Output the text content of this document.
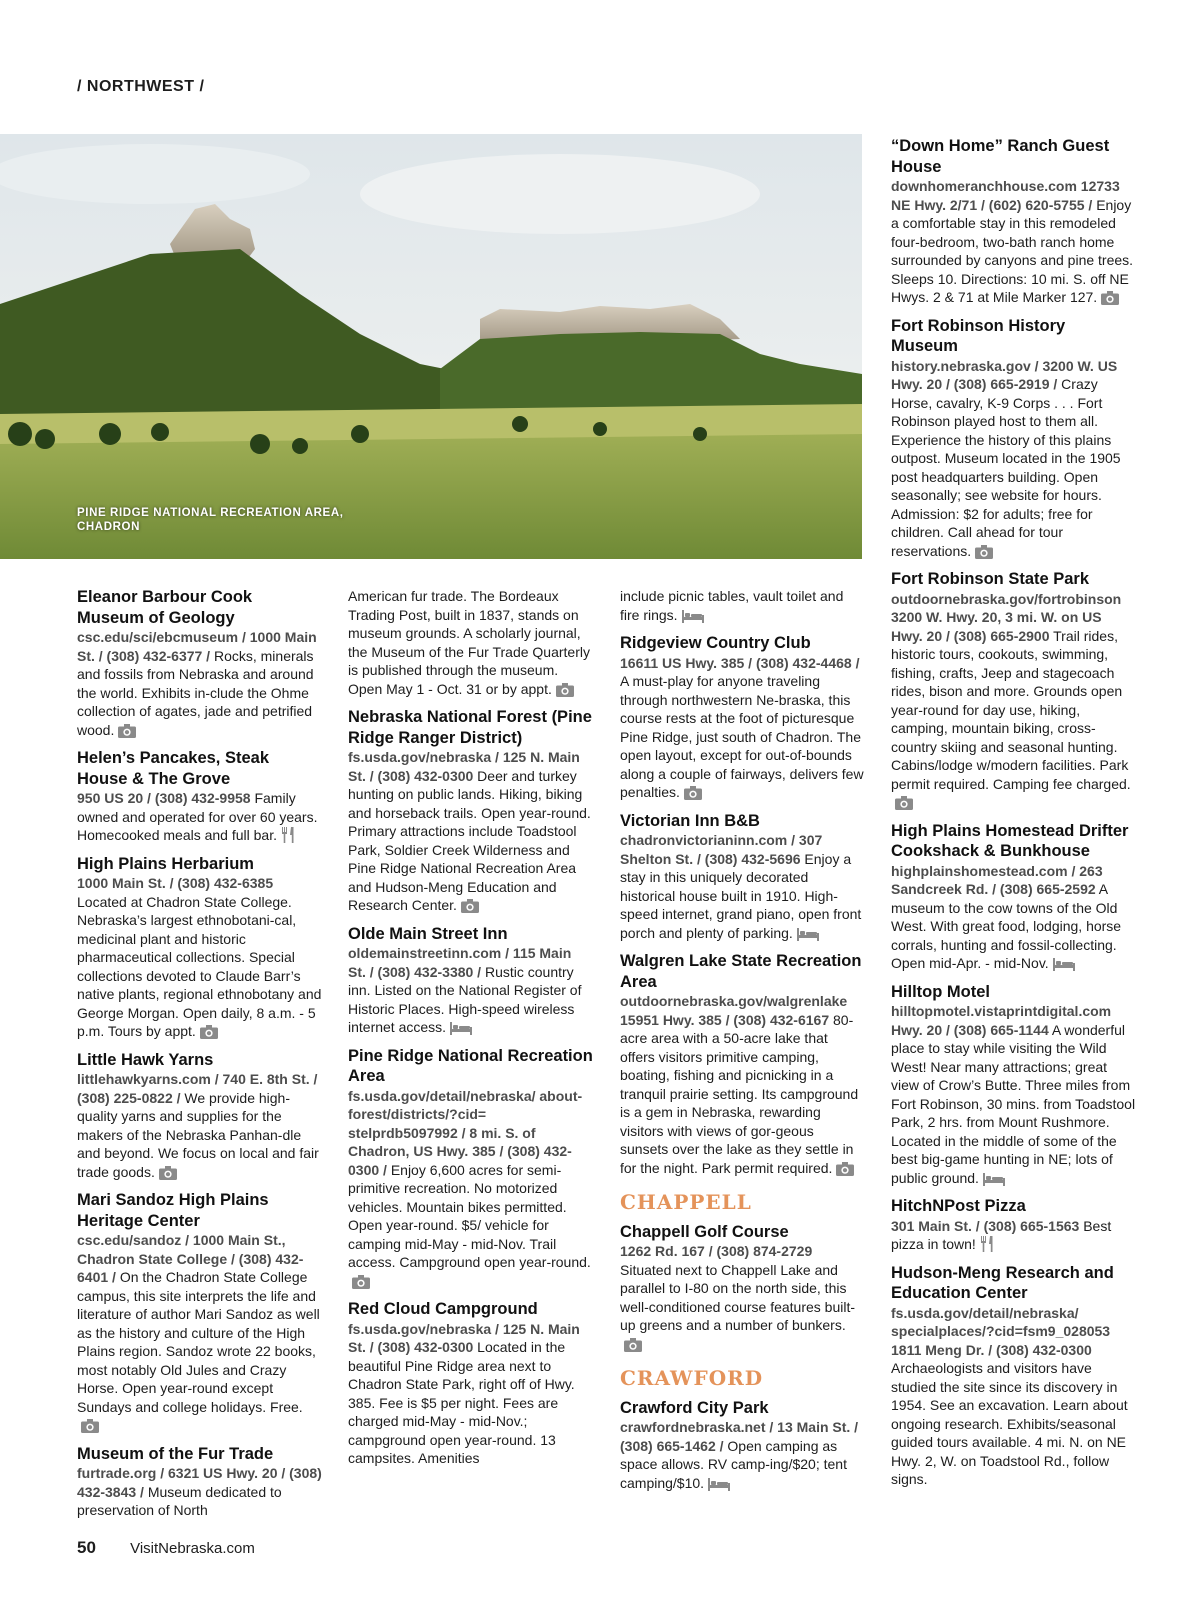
/ NORTHWEST /
PINE RIDGE NATIONAL RECREATION AREA,
CHADRON
Eleanor Barbour Cook Museum of Geology
csc.edu/sci/ebcmuseum / 1000 Main St. / (308) 432-6377 / Rocks, minerals and fossils from Nebraska and around the world. Exhibits in-clude the Ohme collection of agates, jade and petrified wood.
Helen’s Pancakes, Steak House & The Grove
950 US 20 / (308) 432-9958 Family owned and operated for over 60 years. Homecooked meals and full bar.
High Plains Herbarium
1000 Main St. / (308) 432-6385 Located at Chadron State College. Nebraska’s largest ethnobotani-cal, medicinal plant and historic pharmaceutical collections. Special collections devoted to Claude Barr’s native plants, regional ethnobotany and George Morgan. Open daily, 8 a.m. - 5 p.m. Tours by appt.
Little Hawk Yarns
littlehawkyarns.com / 740 E. 8th St. / (308) 225-0822 / We provide high-quality yarns and supplies for the makers of the Nebraska Panhan-dle and beyond. We focus on local and fair trade goods.
Mari Sandoz High Plains Heritage Center
csc.edu/sandoz / 1000 Main St., Chadron State College / (308) 432-6401 / On the Chadron State College campus, this site interprets the life and literature of author Mari Sandoz as well as the history and culture of the High Plains region. Sandoz wrote 22 books, most notably Old Jules and Crazy Horse. Open year-round except Sundays and college holidays. Free.
Museum of the Fur Trade
furtrade.org / 6321 US Hwy. 20 / (308) 432-3843 / Museum dedicated to preservation of North
American fur trade. The Bordeaux Trading Post, built in 1837, stands on museum grounds. A scholarly journal, the Museum of the Fur Trade Quarterly is published through the museum. Open May 1 - Oct. 31 or by appt.
Nebraska National Forest (Pine Ridge Ranger District)
fs.usda.gov/nebraska / 125 N. Main St. / (308) 432-0300 Deer and turkey hunting on public lands. Hiking, biking and horseback trails. Open year-round. Primary attractions include Toadstool Park, Soldier Creek Wilderness and Pine Ridge National Recreation Area and Hudson-Meng Education and Research Center.
Olde Main Street Inn
oldemainstreetinn.com / 115 Main St. / (308) 432-3380 / Rustic country inn. Listed on the National Register of Historic Places. High-speed wireless internet access.
Pine Ridge National Recreation Area
fs.usda.gov/detail/nebraska/ about-forest/districts/?cid= stelprdb5097992 / 8 mi. S. of Chadron, US Hwy. 385 / (308) 432-0300 / Enjoy 6,600 acres for semi-primitive recreation. No motorized vehicles. Mountain bikes permitted. Open year-round. $5/ vehicle for camping mid-May - mid-Nov. Trail access. Campground open year-round.
Red Cloud Campground
fs.usda.gov/nebraska / 125 N. Main St. / (308) 432-0300 Located in the beautiful Pine Ridge area next to Chadron State Park, right off of Hwy. 385. Fee is $5 per night. Fees are charged mid-May - mid-Nov.; campground open year-round. 13 campsites. Amenities
include picnic tables, vault toilet and fire rings.
Ridgeview Country Club
16611 US Hwy. 385 / (308) 432-4468 / A must-play for anyone traveling through northwestern Ne-braska, this course rests at the foot of picturesque Pine Ridge, just south of Chadron. The open layout, except for out-of-bounds along a couple of fairways, delivers few penalties.
Victorian Inn B&B
chadronvictorianinn.com / 307 Shelton St. / (308) 432-5696 Enjoy a stay in this uniquely decorated historical house built in 1910. High-speed internet, grand piano, open front porch and plenty of parking.
Walgren Lake State Recreation Area
outdoornebraska.gov/walgrenlake 15951 Hwy. 385 / (308) 432-6167 80-acre area with a 50-acre lake that offers visitors primitive camping, boating, fishing and picnicking in a tranquil prairie setting. Its campground is a gem in Nebraska, rewarding visitors with views of gor-geous sunsets over the lake as they settle in for the night. Park permit required.
CHAPPELL
Chappell Golf Course
1262 Rd. 167 / (308) 874-2729 Situated next to Chappell Lake and parallel to I-80 on the north side, this well-conditioned course features built-up greens and a number of bunkers.
CRAWFORD
Crawford City Park
crawfordnebraska.net / 13 Main St. / (308) 665-1462 / Open camping as space allows. RV camp-ing/$20; tent camping/$10.
“Down Home” Ranch Guest House
downhomeranchhouse.com 12733 NE Hwy. 2/71 / (602) 620-5755 / Enjoy a comfortable stay in this remodeled four-bedroom, two-bath ranch home surrounded by canyons and pine trees. Sleeps 10. Directions: 10 mi. S. off NE Hwys. 2 & 71 at Mile Marker 127.
Fort Robinson History Museum
history.nebraska.gov / 3200 W. US Hwy. 20 / (308) 665-2919 / Crazy Horse, cavalry, K-9 Corps . . . Fort Robinson played host to them all. Experience the history of this plains outpost. Museum located in the 1905 post headquarters building. Open seasonally; see website for hours. Admission: $2 for adults; free for children. Call ahead for tour reservations.
Fort Robinson State Park
outdoornebraska.gov/fortrobinson 3200 W. Hwy. 20, 3 mi. W. on US Hwy. 20 / (308) 665-2900 Trail rides, historic tours, cookouts, swimming, fishing, crafts, Jeep and stagecoach rides, bison and more. Grounds open year-round for day use, hiking, camping, mountain biking, cross-country skiing and seasonal hunting. Cabins/lodge w/modern facilities. Park permit required. Camping fee charged.
High Plains Homestead Drifter Cookshack & Bunkhouse
highplainshomestead.com / 263 Sandcreek Rd. / (308) 665-2592 A museum to the cow towns of the Old West. With great food, lodging, horse corrals, hunting and fossil-collecting. Open mid-Apr. - mid-Nov.
Hilltop Motel
hilltopmotel.vistaprintdigital.com Hwy. 20 / (308) 665-1144 A wonderful place to stay while visiting the Wild West! Near many attractions; great view of Crow’s Butte. Three miles from Fort Robinson, 30 mins. from Toadstool Park, 2 hrs. from Mount Rushmore. Located in the middle of some of the best big-game hunting in NE; lots of public ground.
HitchNPost Pizza
301 Main St. / (308) 665-1563 Best pizza in town!
Hudson-Meng Research and Education Center
fs.usda.gov/detail/nebraska/ specialplaces/?cid=fsm9_028053 1811 Meng Dr. / (308) 432-0300 Archaeologists and visitors have studied the site since its discovery in 1954. See an excavation. Learn about ongoing research. Exhibits/seasonal guided tours available. 4 mi. N. on NE Hwy. 2, W. on Toadstool Rd., follow signs.
50 VisitNebraska.com
